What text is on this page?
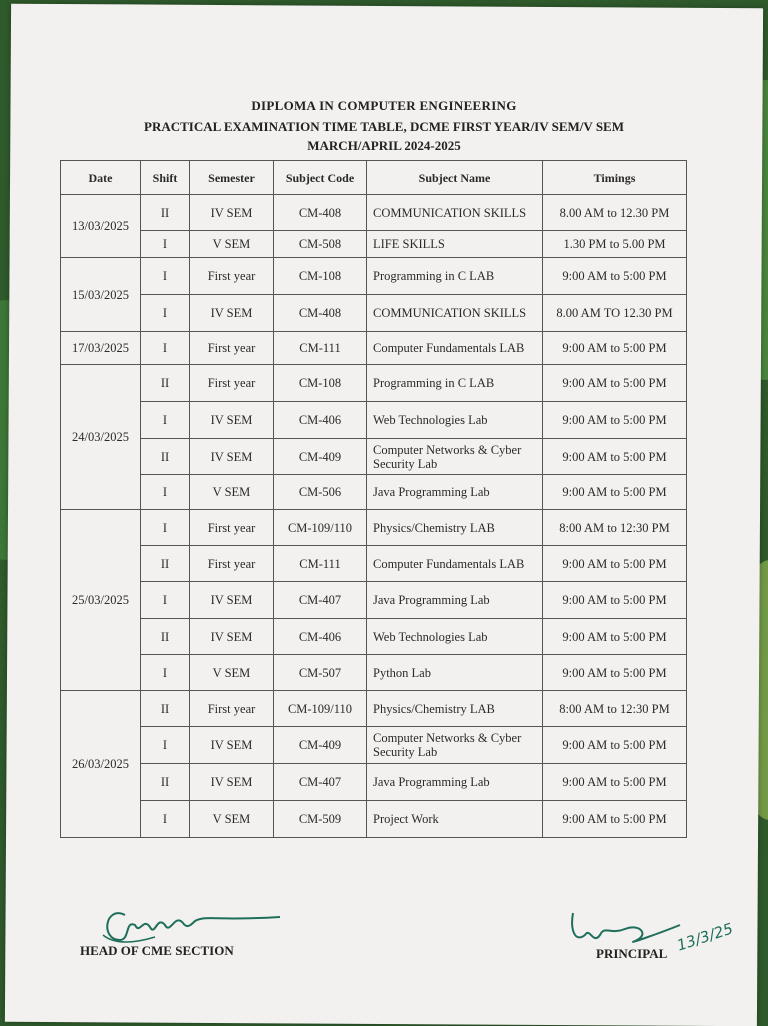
DIPLOMA IN COMPUTER ENGINEERING
PRACTICAL EXAMINATION TIME TABLE, DCME FIRST YEAR/IV SEM/V SEM
MARCH/APRIL 2024-2025
Date	Shift	Semester	Subject Code	Subject Name	Timings
13/03/2025	II	IV SEM	CM-408	COMMUNICATION SKILLS	8.00 AM to 12.30 PM
	I	V SEM	CM-508	LIFE SKILLS	1.30 PM to 5.00 PM
15/03/2025	I	First year	CM-108	Programming in C LAB	9:00 AM to 5:00 PM
	I	IV SEM	CM-408	COMMUNICATION SKILLS	8.00 AM TO 12.30 PM
17/03/2025	I	First year	CM-111	Computer Fundamentals LAB	9:00 AM to 5:00 PM
24/03/2025	II	First year	CM-108	Programming in C LAB	9:00 AM to 5:00 PM
	I	IV SEM	CM-406	Web Technologies Lab	9:00 AM to 5:00 PM
	II	IV SEM	CM-409	Computer Networks & Cyber Security Lab	9:00 AM to 5:00 PM
	I	V SEM	CM-506	Java Programming Lab	9:00 AM to 5:00 PM
25/03/2025	I	First year	CM-109/110	Physics/Chemistry LAB	8:00 AM to 12:30 PM
	II	First year	CM-111	Computer Fundamentals LAB	9:00 AM to 5:00 PM
	I	IV SEM	CM-407	Java Programming Lab	9:00 AM to 5:00 PM
	II	IV SEM	CM-406	Web Technologies Lab	9:00 AM to 5:00 PM
	I	V SEM	CM-507	Python Lab	9:00 AM to 5:00 PM
26/03/2025	II	First year	CM-109/110	Physics/Chemistry LAB	8:00 AM to 12:30 PM
	I	IV SEM	CM-409	Computer Networks & Cyber Security Lab	9:00 AM to 5:00 PM
	II	IV SEM	CM-407	Java Programming Lab	9:00 AM to 5:00 PM
	I	V SEM	CM-509	Project Work	9:00 AM to 5:00 PM
HEAD OF CME SECTION	PRINCIPAL 13/3/25
